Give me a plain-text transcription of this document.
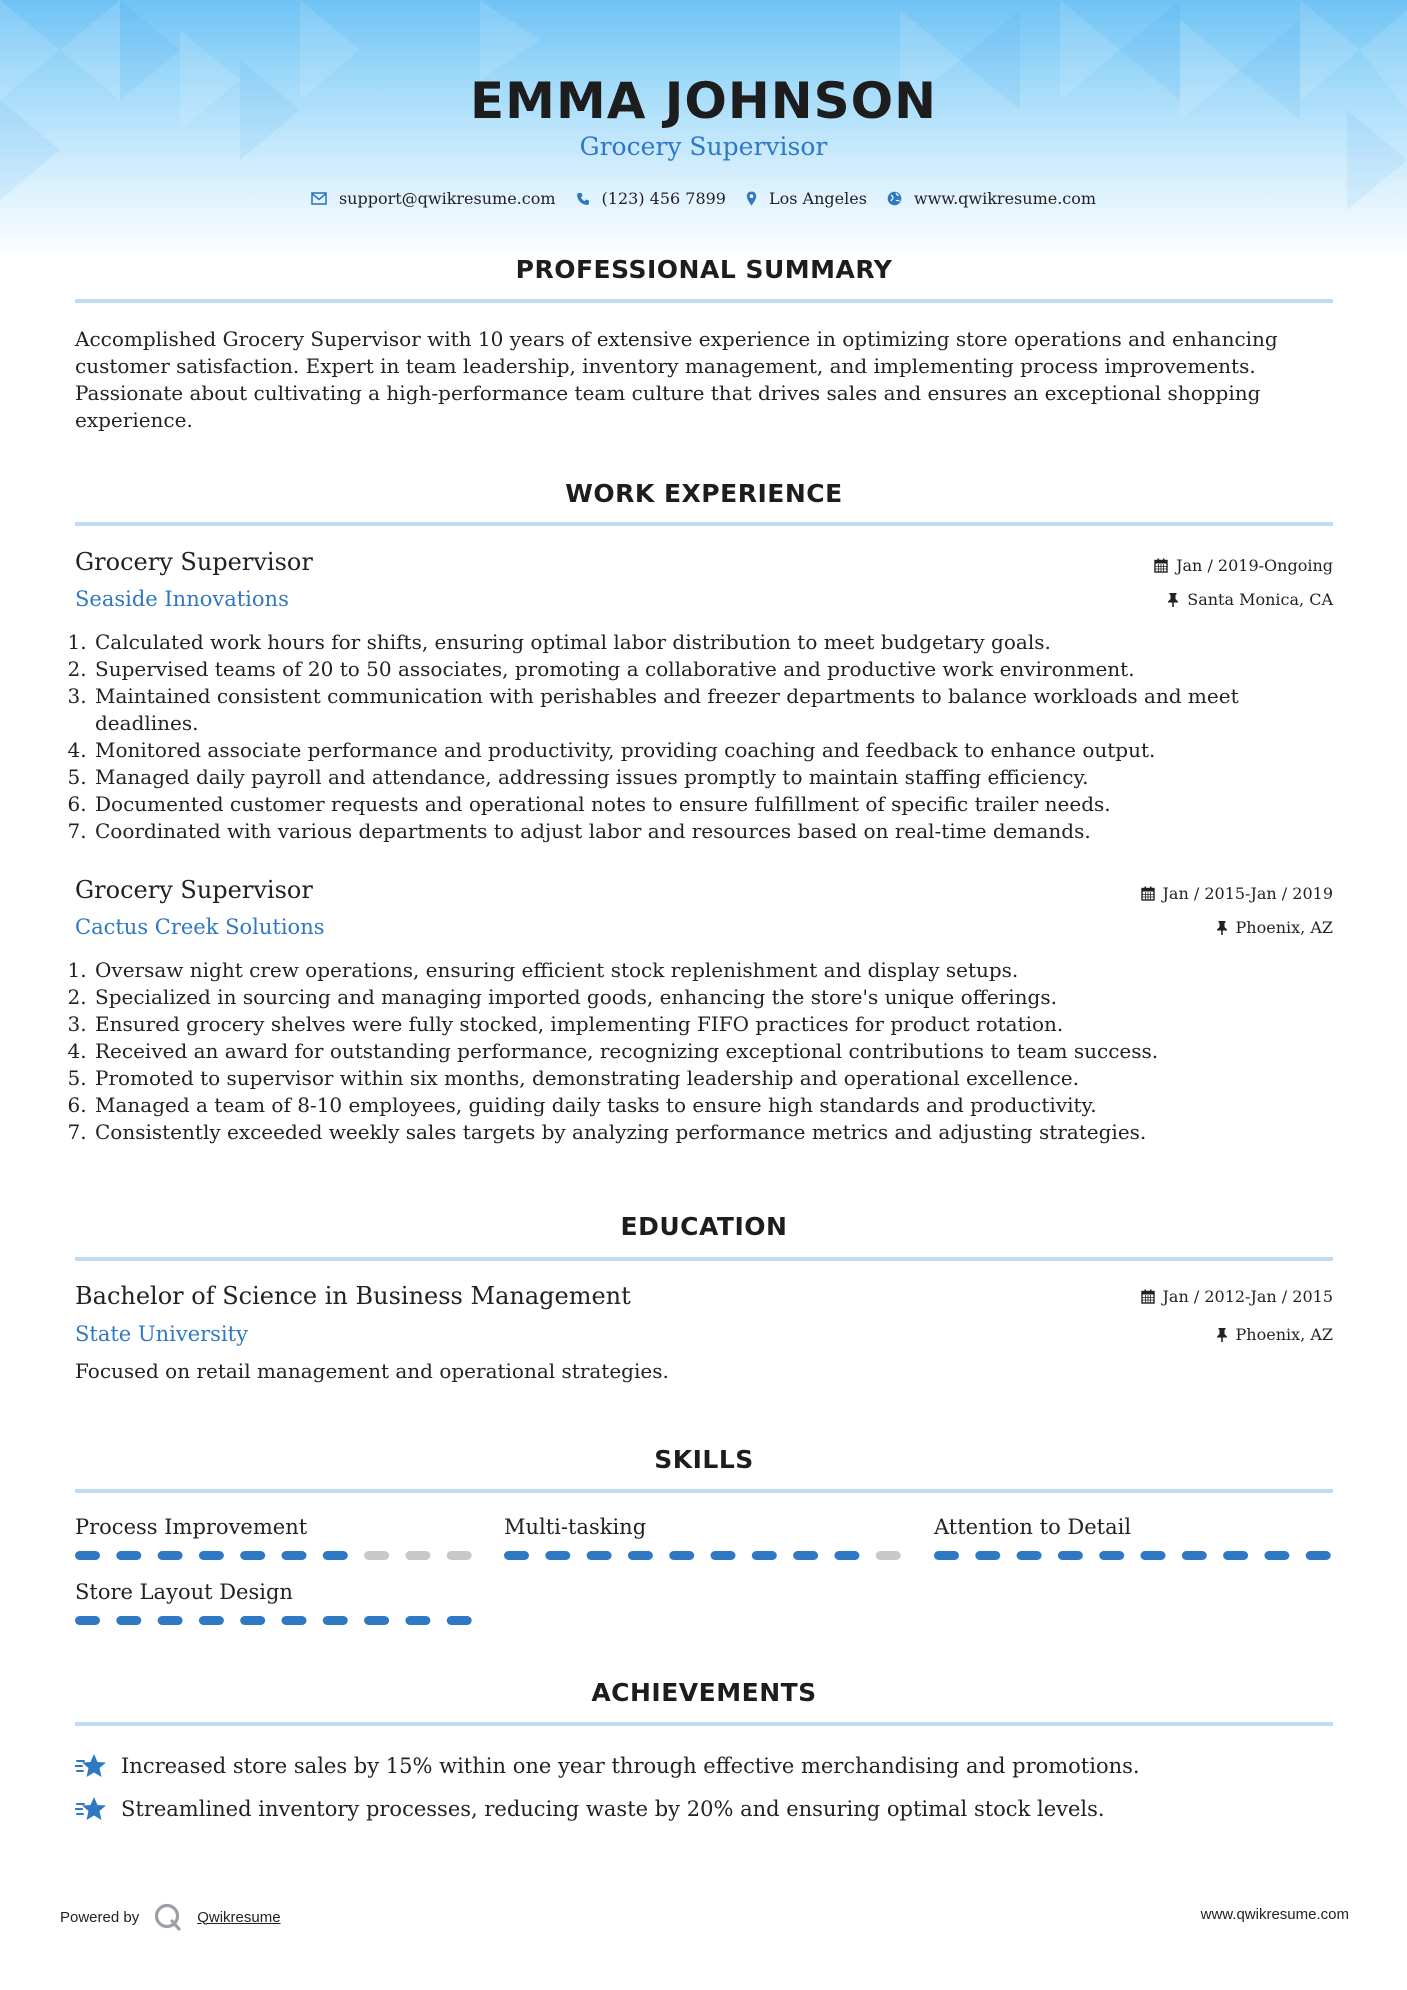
EMMA JOHNSON
Grocery Supervisor
support@qwikresume.com	(123) 456 7899	Los Angeles	www.qwikresume.com
PROFESSIONAL SUMMARY
Accomplished Grocery Supervisor with 10 years of extensive experience in optimizing store operations and enhancing customer satisfaction. Expert in team leadership, inventory management, and implementing process improvements. Passionate about cultivating a high-performance team culture that drives sales and ensures an exceptional shopping experience.
WORK EXPERIENCE
Grocery Supervisor	Jan / 2019-Ongoing
Seaside Innovations	Santa Monica, CA
1. Calculated work hours for shifts, ensuring optimal labor distribution to meet budgetary goals.
2. Supervised teams of 20 to 50 associates, promoting a collaborative and productive work environment.
3. Maintained consistent communication with perishables and freezer departments to balance workloads and meet deadlines.
4. Monitored associate performance and productivity, providing coaching and feedback to enhance output.
5. Managed daily payroll and attendance, addressing issues promptly to maintain staffing efficiency.
6. Documented customer requests and operational notes to ensure fulfillment of specific trailer needs.
7. Coordinated with various departments to adjust labor and resources based on real-time demands.
Grocery Supervisor	Jan / 2015-Jan / 2019
Cactus Creek Solutions	Phoenix, AZ
1. Oversaw night crew operations, ensuring efficient stock replenishment and display setups.
2. Specialized in sourcing and managing imported goods, enhancing the store's unique offerings.
3. Ensured grocery shelves were fully stocked, implementing FIFO practices for product rotation.
4. Received an award for outstanding performance, recognizing exceptional contributions to team success.
5. Promoted to supervisor within six months, demonstrating leadership and operational excellence.
6. Managed a team of 8-10 employees, guiding daily tasks to ensure high standards and productivity.
7. Consistently exceeded weekly sales targets by analyzing performance metrics and adjusting strategies.
EDUCATION
Bachelor of Science in Business Management	Jan / 2012-Jan / 2015
State University	Phoenix, AZ
Focused on retail management and operational strategies.
SKILLS
Process Improvement	Multi-tasking	Attention to Detail
Store Layout Design
ACHIEVEMENTS
Increased store sales by 15% within one year through effective merchandising and promotions.
Streamlined inventory processes, reducing waste by 20% and ensuring optimal stock levels.
Powered by	Qwikresume	www.qwikresume.com
